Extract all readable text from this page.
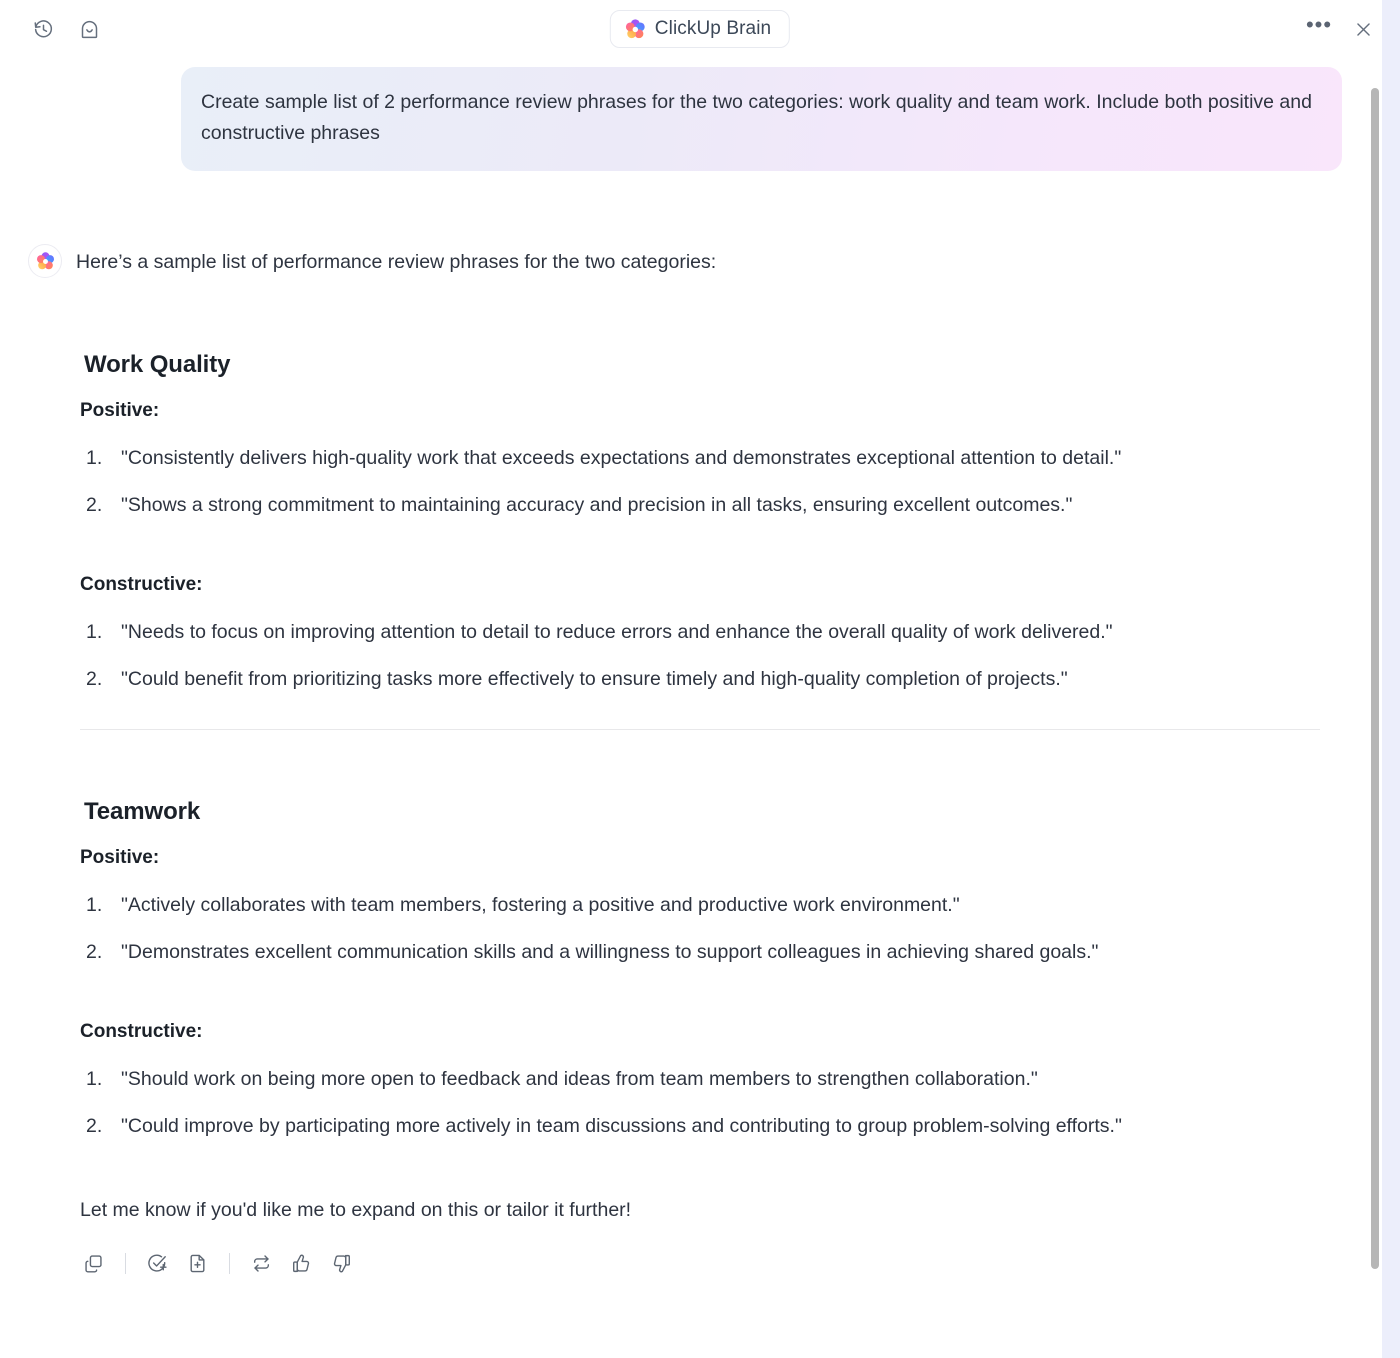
ClickUp Brain	•••
Create sample list of 2 performance review phrases for the two categories: work quality and team work. Include both positive and constructive phrases
Here’s a sample list of performance review phrases for the two categories:
Work Quality
Positive:
"Consistently delivers high-quality work that exceeds expectations and demonstrates exceptional attention to detail."
"Shows a strong commitment to maintaining accuracy and precision in all tasks, ensuring excellent outcomes."
Constructive:
"Needs to focus on improving attention to detail to reduce errors and enhance the overall quality of work delivered."
"Could benefit from prioritizing tasks more effectively to ensure timely and high-quality completion of projects."
Teamwork
Positive:
"Actively collaborates with team members, fostering a positive and productive work environment."
"Demonstrates excellent communication skills and a willingness to support colleagues in achieving shared goals."
Constructive:
"Should work on being more open to feedback and ideas from team members to strengthen collaboration."
"Could improve by participating more actively in team discussions and contributing to group problem-solving efforts."
Let me know if you'd like me to expand on this or tailor it further!
